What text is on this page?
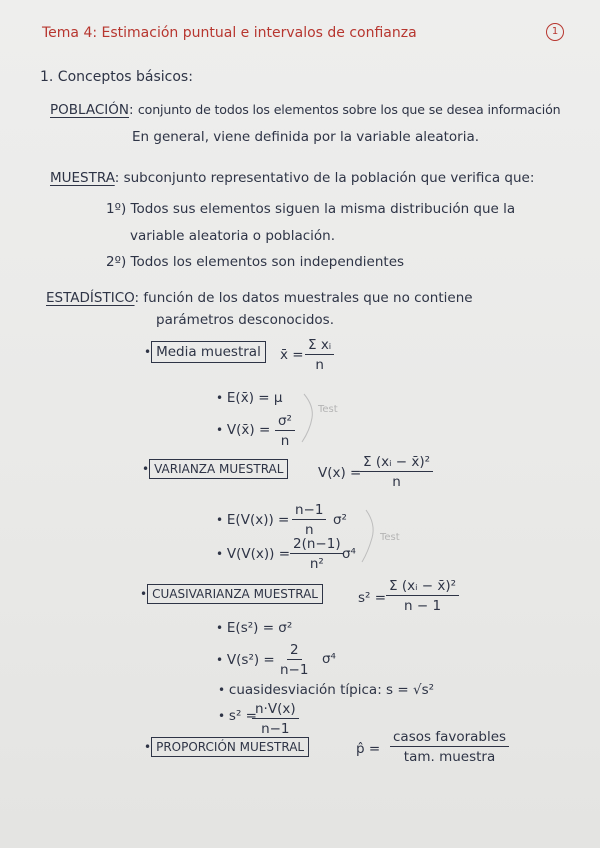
Tema 4: Estimación puntual e intervalos de confianza	1
1. Conceptos básicos:
POBLACIÓN: conjunto de todos los elementos sobre los que se desea información
En general, viene definida por la variable aleatoria.
MUESTRA: subconjunto representativo de la población que verifica que:
1º) Todos sus elementos siguen la misma distribución que la
variable aleatoria o población.
2º) Todos los elementos son independientes
ESTADÍSTICO: función de los datos muestrales que no contiene
parámetros desconocidos.
• Media muestral	x̄ = $\frac{\text{Σ xᵢ}}{n}$
• E(x̄) = μ
• V(x̄) = $\frac{\text{σ²}}{n}$
Test
• VARIANZA MUESTRAL	V(x) =
$\frac{\text{Σ (xᵢ − x̄)²}}{n}$
• $E(V(x)) = \frac{n-1}{n} \sigma^2$
• $V(V(x)) = \frac{2(n-1)}{\text{n²}}$
σ⁴
Test
• CUASIVARIANZA MUESTRAL	$s^2 = \frac{\text{Σ (xᵢ − x̄)²}}{n - 1}$
• E(s²) = σ²
• $V(s^2) = \frac{2}{n-1} \sigma^4$
• cuasidesviación típica: s = √s²
• s² =
$\frac{n\cdot V(x)}{n-1}$
• PROPORCIÓN MUESTRAL	p̂ =
casos favorables
tam. muestra
